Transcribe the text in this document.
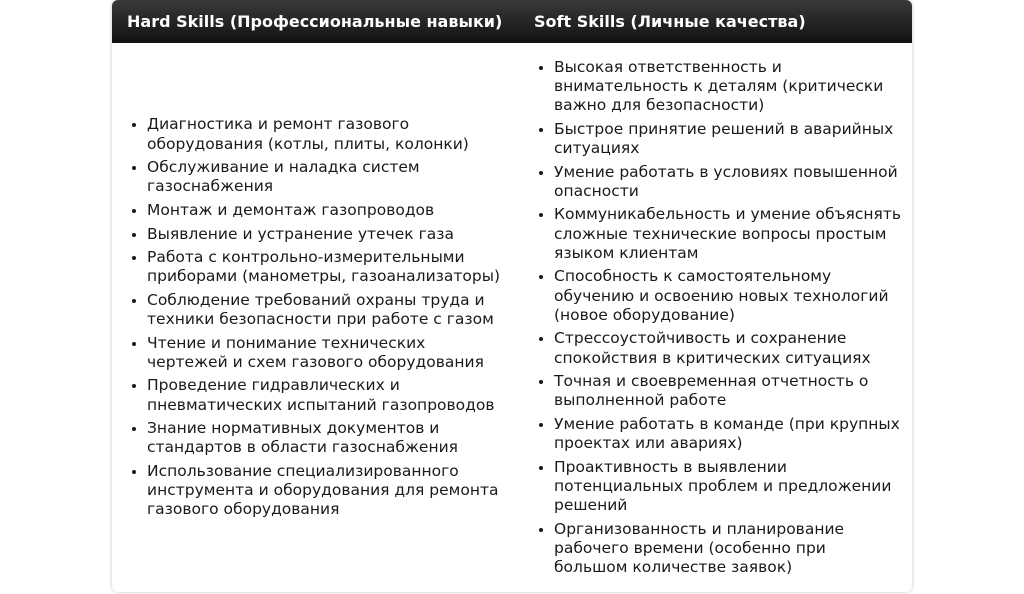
Hard Skills (Профессиональные навыки)	Soft Skills (Личные качества)
• Диагностика и ремонт газового оборудования (котлы, плиты, колонки)
• Обслуживание и наладка систем газоснабжения
• Монтаж и демонтаж газопроводов
• Выявление и устранение утечек газа
• Работа с контрольно-измерительными приборами (манометры, газоанализаторы)
• Соблюдение требований охраны труда и техники безопасности при работе с газом
• Чтение и понимание технических чертежей и схем газового оборудования
• Проведение гидравлических и пневматических испытаний газопроводов
• Знание нормативных документов и стандартов в области газоснабжения
• Использование специализированного инструмента и оборудования для ремонта газового оборудования
• Высокая ответственность и внимательность к деталям (критически важно для безопасности)
• Быстрое принятие решений в аварийных ситуациях
• Умение работать в условиях повышенной опасности
• Коммуникабельность и умение объяснять сложные технические вопросы простым языком клиентам
• Способность к самостоятельному обучению и освоению новых технологий (новое оборудование)
• Стрессоустойчивость и сохранение спокойствия в критических ситуациях
• Точная и своевременная отчетность о выполненной работе
• Умение работать в команде (при крупных проектах или авариях)
• Проактивность в выявлении потенциальных проблем и предложении решений
• Организованность и планирование рабочего времени (особенно при большом количестве заявок)
